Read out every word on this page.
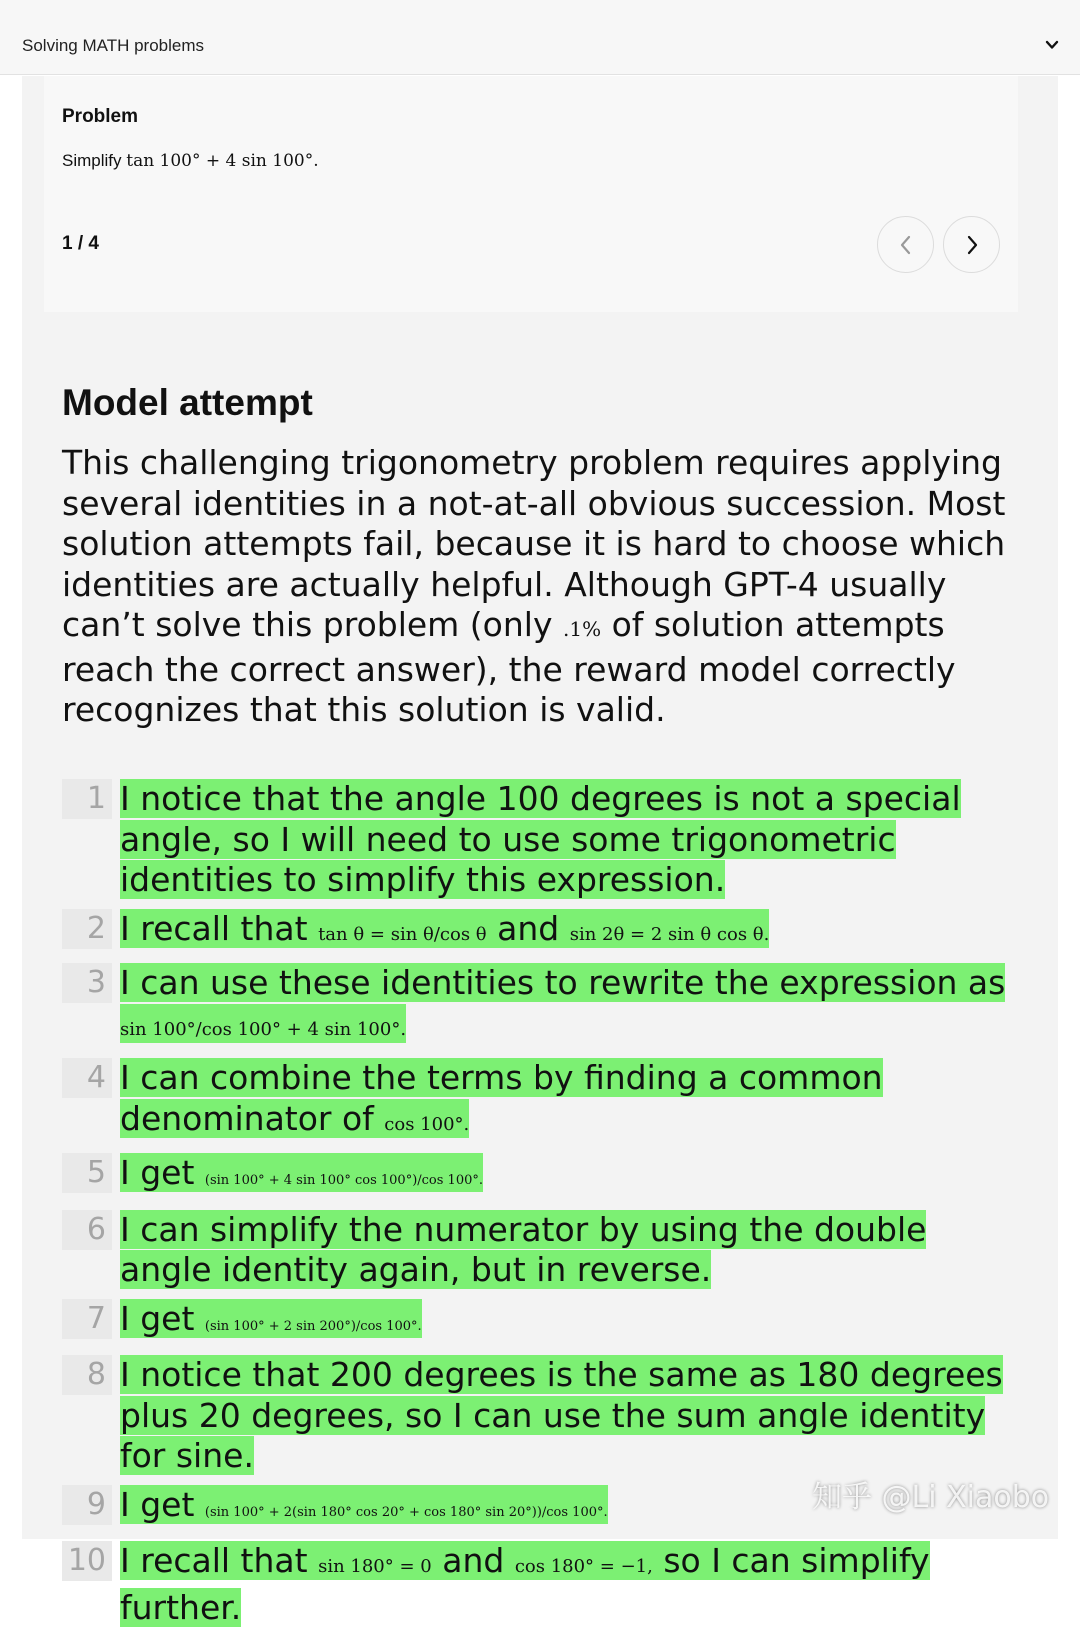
Solving MATH problems
Problem
Simplify tan 100° + 4 sin 100°.
1 / 4
Model attempt
This challenging trigonometry problem requires applying several identities in a not-at-all obvious succession. Most solution attempts fail, because it is hard to choose which identities are actually helpful. Although GPT-4 usually can’t solve this problem (only .1% of solution attempts reach the correct answer), the reward model correctly recognizes that this solution is valid.
1 I notice that the angle 100 degrees is not a special angle, so I will need to use some trigonometric identities to simplify this expression.
2 I recall that tan θ = sin θ/cos θ and sin 2θ = 2 sin θ cos θ.
3 I can use these identities to rewrite the expression as sin 100°/cos 100° + 4 sin 100°.
4 I can combine the terms by finding a common denominator of cos 100°.
5 I get (sin 100° + 4 sin 100° cos 100°)/cos 100°.
6 I can simplify the numerator by using the double angle identity again, but in reverse.
7 I get (sin 100° + 2 sin 200°)/cos 100°.
8 I notice that 200 degrees is the same as 180 degrees plus 20 degrees, so I can use the sum angle identity for sine.
9 I get (sin 100° + 2(sin 180° cos 20° + cos 180° sin 20°))/cos 100°.
10 I recall that sin 180° = 0 and cos 180° = −1, so I can simplify further.
知乎 @Li Xiaobo
